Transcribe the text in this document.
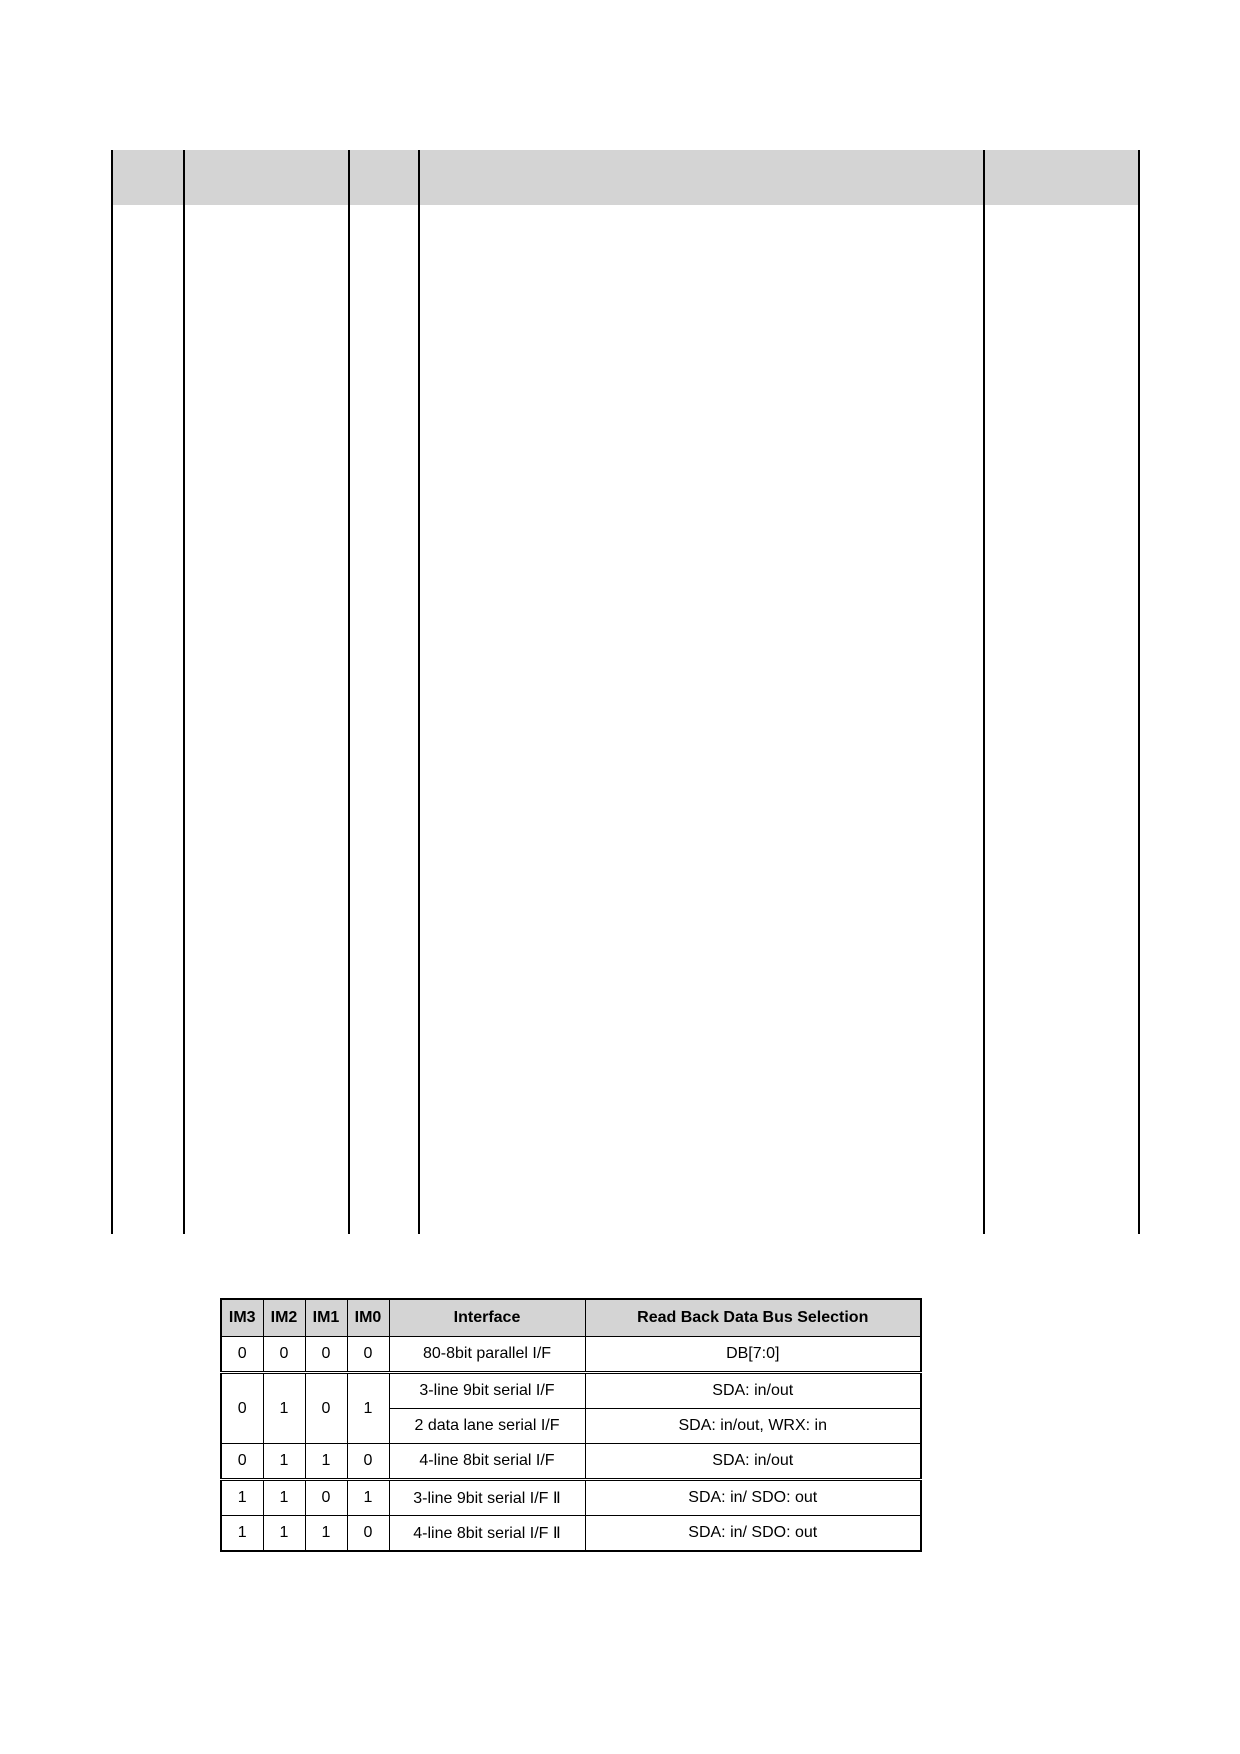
IM3	IM2	IM1	IM0	Interface	Read Back Data Bus Selection
0	0	0	0	80-8bit parallel I/F	DB[7:0]
0	1	0	1	3-line 9bit serial I/F	SDA: in/out
				2 data lane serial I/F	SDA: in/out, WRX: in
0	1	1	0	4-line 8bit serial I/F	SDA: in/out
1	1	0	1	3-line 9bit serial I/F Ⅱ	SDA: in/ SDO: out
1	1	1	0	4-line 8bit serial I/F Ⅱ	SDA: in/ SDO: out
